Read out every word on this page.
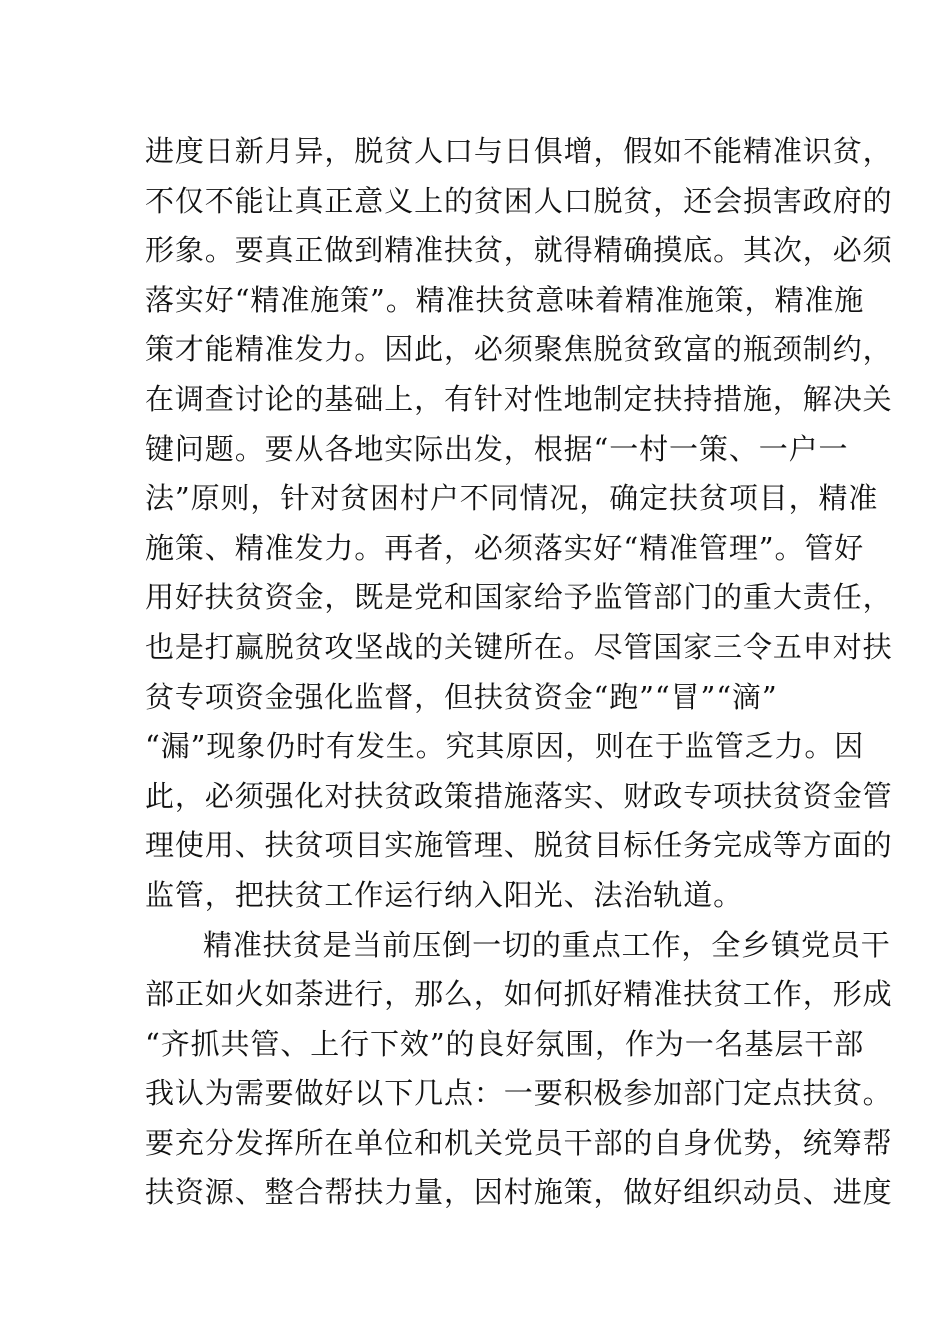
进度日新月异，脱贫人口与日俱增，假如不能精准识贫，
不仅不能让真正意义上的贫困人口脱贫，还会损害政府的
形象。要真正做到精准扶贫，就得精确摸底。其次，必须
落实好“精准施策”。精准扶贫意味着精准施策，精准施
策才能精准发力。因此，必须聚焦脱贫致富的瓶颈制约，
在调查讨论的基础上，有针对性地制定扶持措施，解决关
键问题。要从各地实际出发，根据“一村一策、一户一
法”原则，针对贫困村户不同情况，确定扶贫项目，精准
施策、精准发力。再者，必须落实好“精准管理”。管好
用好扶贫资金，既是党和国家给予监管部门的重大责任，
也是打赢脱贫攻坚战的关键所在。尽管国家三令五申对扶
贫专项资金强化监督，但扶贫资金“跑”“冒”“滴”
“漏”现象仍时有发生。究其原因，则在于监管乏力。因
此，必须强化对扶贫政策措施落实、财政专项扶贫资金管
理使用、扶贫项目实施管理、脱贫目标任务完成等方面的
监管，把扶贫工作运行纳入阳光、法治轨道。
精准扶贫是当前压倒一切的重点工作，全乡镇党员干
部正如火如荼进行，那么，如何抓好精准扶贫工作，形成
“齐抓共管、上行下效”的良好氛围，作为一名基层干部
我认为需要做好以下几点：一要积极参加部门定点扶贫。
要充分发挥所在单位和机关党员干部的自身优势，统筹帮
扶资源、整合帮扶力量，因村施策，做好组织动员、进度
